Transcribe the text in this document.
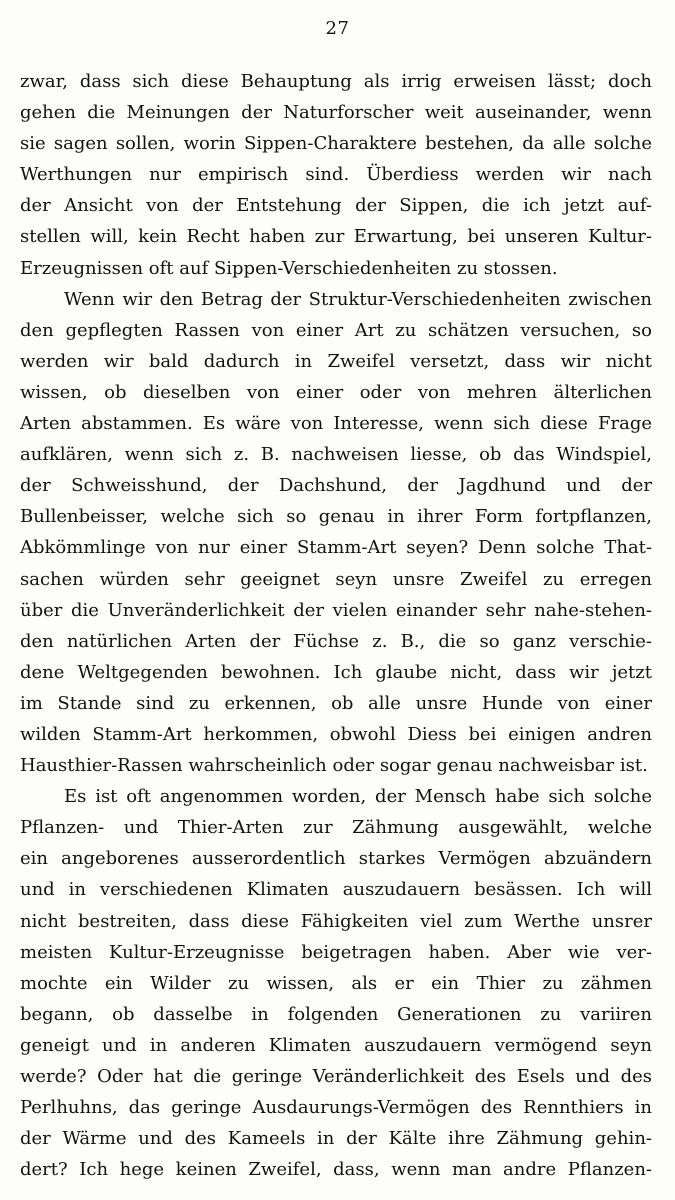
27
zwar, dass sich diese Behauptung als irrig erweisen lässt; doch
gehen die Meinungen der Naturforscher weit auseinander, wenn
sie sagen sollen, worin Sippen-Charaktere bestehen, da alle solche
Werthungen nur empirisch sind. Überdiess werden wir nach
der Ansicht von der Entstehung der Sippen, die ich jetzt auf-
stellen will, kein Recht haben zur Erwartung, bei unseren Kultur-
Erzeugnissen oft auf Sippen-Verschiedenheiten zu stossen.
Wenn wir den Betrag der Struktur-Verschiedenheiten zwischen
den gepflegten Rassen von einer Art zu schätzen versuchen, so
werden wir bald dadurch in Zweifel versetzt, dass wir nicht
wissen, ob dieselben von einer oder von mehren älterlichen
Arten abstammen. Es wäre von Interesse, wenn sich diese Frage
aufklären, wenn sich z. B. nachweisen liesse, ob das Windspiel,
der Schweisshund, der Dachshund, der Jagdhund und der
Bullenbeisser, welche sich so genau in ihrer Form fortpflanzen,
Abkömmlinge von nur einer Stamm-Art seyen? Denn solche That-
sachen würden sehr geeignet seyn unsre Zweifel zu erregen
über die Unveränderlichkeit der vielen einander sehr nahe-stehen-
den natürlichen Arten der Füchse z. B., die so ganz verschie-
dene Weltgegenden bewohnen. Ich glaube nicht, dass wir jetzt
im Stande sind zu erkennen, ob alle unsre Hunde von einer
wilden Stamm-Art herkommen, obwohl Diess bei einigen andren
Hausthier-Rassen wahrscheinlich oder sogar genau nachweisbar ist.
Es ist oft angenommen worden, der Mensch habe sich solche
Pflanzen- und Thier-Arten zur Zähmung ausgewählt, welche
ein angeborenes ausserordentlich starkes Vermögen abzuändern
und in verschiedenen Klimaten auszudauern besässen. Ich will
nicht bestreiten, dass diese Fähigkeiten viel zum Werthe unsrer
meisten Kultur-Erzeugnisse beigetragen haben. Aber wie ver-
mochte ein Wilder zu wissen, als er ein Thier zu zähmen
begann, ob dasselbe in folgenden Generationen zu variiren
geneigt und in anderen Klimaten auszudauern vermögend seyn
werde? Oder hat die geringe Veränderlichkeit des Esels und des
Perlhuhns, das geringe Ausdaurungs-Vermögen des Rennthiers in
der Wärme und des Kameels in der Kälte ihre Zähmung gehin-
dert? Ich hege keinen Zweifel, dass, wenn man andre Pflanzen-
